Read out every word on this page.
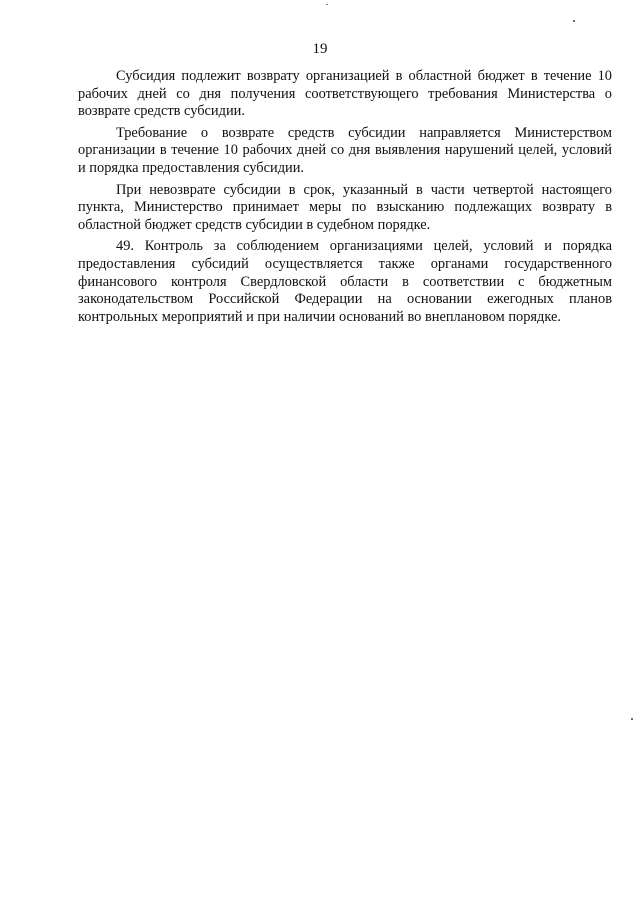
19

Субсидия подлежит возврату организацией в областной бюджет в течение 10 рабочих дней со дня получения соответствующего требования Министерства о возврате средств субсидии.

Требование о возврате средств субсидии направляется Министерством организации в течение 10 рабочих дней со дня выявления нарушений целей, условий и порядка предоставления субсидии.

При невозврате субсидии в срок, указанный в части четвертой настоящего пункта, Министерство принимает меры по взысканию подлежащих возврату в областной бюджет средств субсидии в судебном порядке.

49. Контроль за соблюдением организациями целей, условий и порядка предоставления субсидий осуществляется также органами государственного финансового контроля Свердловской области в соответствии с бюджетным законодательством Российской Федерации на основании ежегодных планов контрольных мероприятий и при наличии оснований во внеплановом порядке.
